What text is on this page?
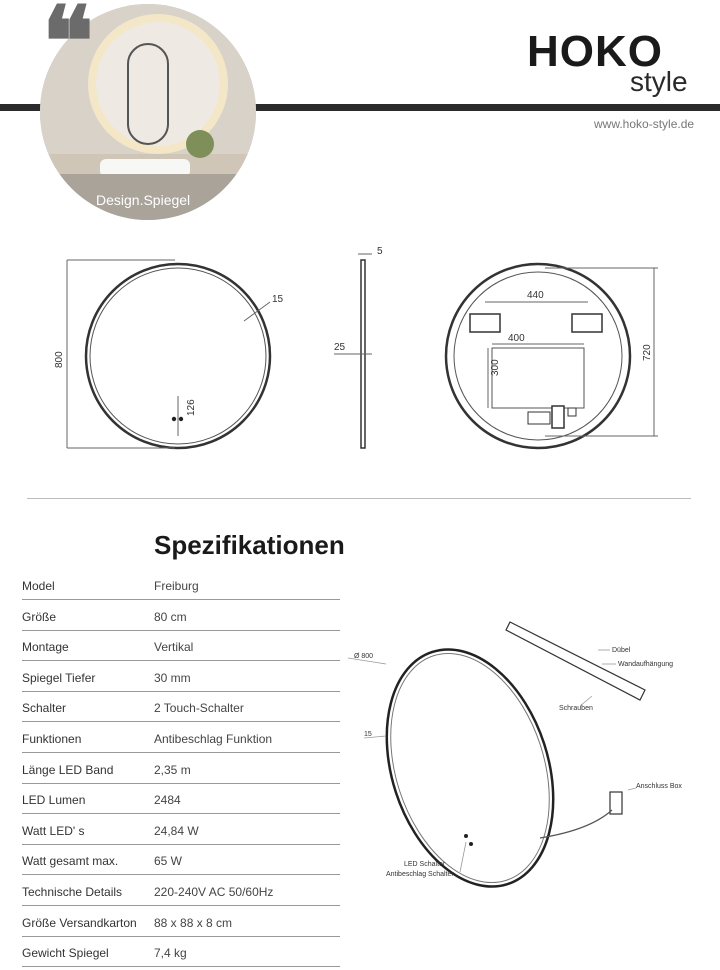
Design.Spiegel
❝	HOKO
style
www.hoko-style.de
800
15
126
5
25
440
400
300
720
Spezifikationen
Model	Freiburg
Größe	80 cm
Montage	Vertikal
Spiegel Tiefer	30 mm
Schalter	2 Touch-Schalter
Funktionen	Antibeschlag Funktion
Länge LED Band	2,35 m
LED Lumen	2484
Watt LED' s	24,84 W
Watt gesamt max.	65 W
Technische Details	220-240V AC 50/60Hz
Größe Versandkarton 88 x 88 x 8 cm
Gewicht Spiegel	7,4 kg
Ø 800
15
Dübel
Wandaufhängung
Schrauben
Anschluss Box
LED Schalter
Antibeschlag Schalter
